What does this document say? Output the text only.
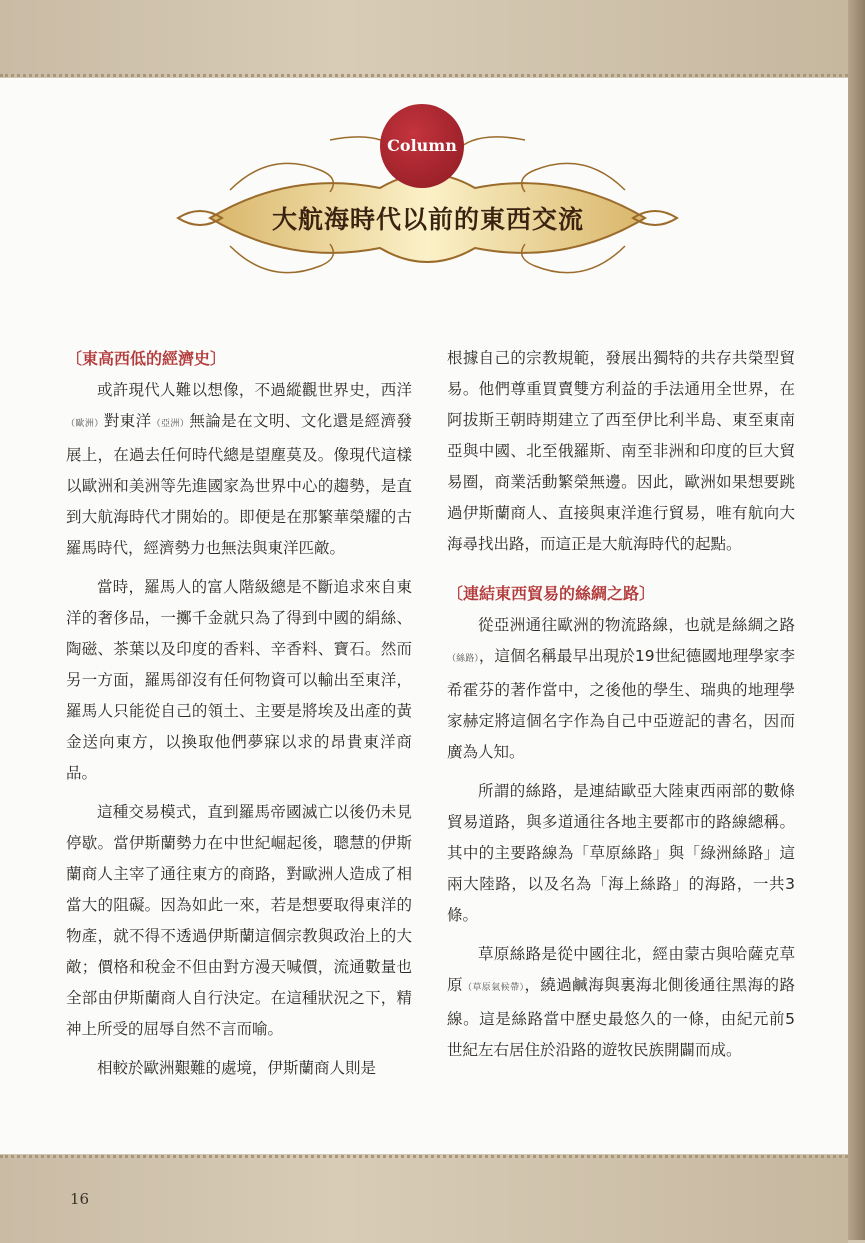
Column
大航海時代以前的東西交流
〔東高西低的經濟史〕

或許現代人難以想像，不過縱觀世界史，西洋（歐洲）對東洋（亞洲）無論是在文明、文化還是經濟發展上，在過去任何時代總是望塵莫及。像現代這樣以歐洲和美洲等先進國家為世界中心的趨勢，是直到大航海時代才開始的。即便是在那繁華榮耀的古羅馬時代，經濟勢力也無法與東洋匹敵。

當時，羅馬人的富人階級總是不斷追求來自東洋的奢侈品，一擲千金就只為了得到中國的絹絲、陶磁、茶葉以及印度的香料、辛香料、寶石。然而另一方面，羅馬卻沒有任何物資可以輸出至東洋，羅馬人只能從自己的領土、主要是將埃及出產的黃金送向東方，以換取他們夢寐以求的昂貴東洋商品。

這種交易模式，直到羅馬帝國滅亡以後仍未見停歇。當伊斯蘭勢力在中世紀崛起後，聰慧的伊斯蘭商人主宰了通往東方的商路，對歐洲人造成了相當大的阻礙。因為如此一來，若是想要取得東洋的物產，就不得不透過伊斯蘭這個宗教與政治上的大敵；價格和稅金不但由對方漫天喊價，流通數量也全部由伊斯蘭商人自行決定。在這種狀況之下，精神上所受的屈辱自然不言而喻。

相較於歐洲艱難的處境，伊斯蘭商人則是

根據自己的宗教規範，發展出獨特的共存共榮型貿易。他們尊重買賣雙方利益的手法通用全世界，在阿拔斯王朝時期建立了西至伊比利半島、東至東南亞與中國、北至俄羅斯、南至非洲和印度的巨大貿易圈，商業活動繁榮無邊。因此，歐洲如果想要跳過伊斯蘭商人、直接與東洋進行貿易，唯有航向大海尋找出路，而這正是大航海時代的起點。

〔連結東西貿易的絲綢之路〕

從亞洲通往歐洲的物流路線，也就是絲綢之路（絲路），這個名稱最早出現於19世紀德國地理學家李希霍芬的著作當中，之後他的學生、瑞典的地理學家赫定將這個名字作為自己中亞遊記的書名，因而廣為人知。

所謂的絲路，是連結歐亞大陸東西兩部的數條貿易道路，與多道通往各地主要都市的路線總稱。其中的主要路線為「草原絲路」與「綠洲絲路」這兩大陸路，以及名為「海上絲路」的海路，一共3條。

草原絲路是從中國往北，經由蒙古與哈薩克草原（草原氣候帶），繞過鹹海與裏海北側後通往黑海的路線。這是絲路當中歷史最悠久的一條，由紀元前5世紀左右居住於沿路的遊牧民族開闢而成。

16
